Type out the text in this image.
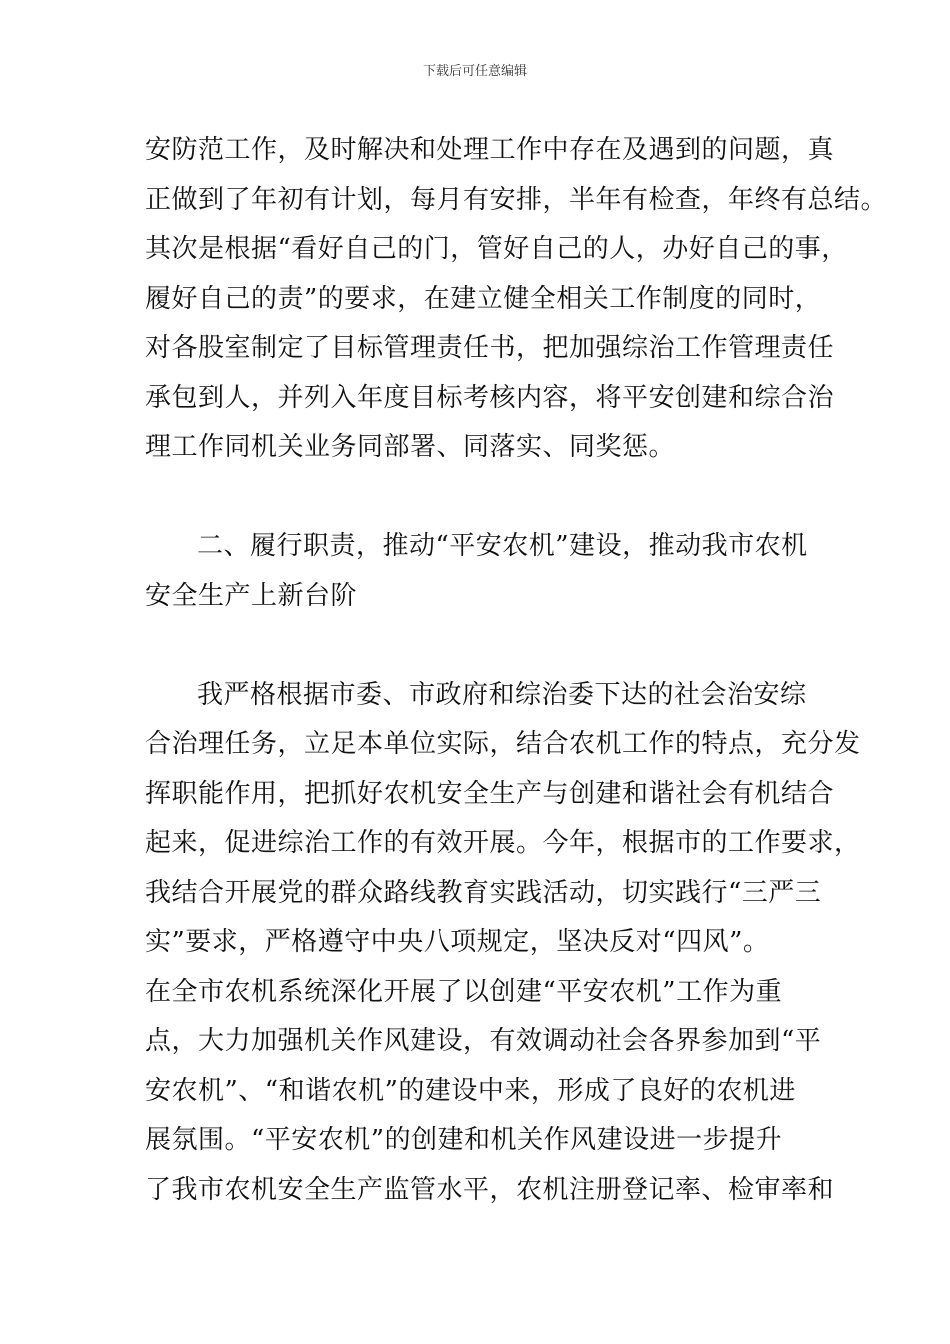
下载后可任意编辑
安防范工作，及时解决和处理工作中存在及遇到的问题，真
正做到了年初有计划，每月有安排，半年有检查，年终有总结。
其次是根据“看好自己的门，管好自己的人，办好自己的事，
履好自己的责”的要求，在建立健全相关工作制度的同时，
对各股室制定了目标管理责任书，把加强综治工作管理责任
承包到人，并列入年度目标考核内容，将平安创建和综合治
理工作同机关业务同部署、同落实、同奖惩。
二、履行职责，推动“平安农机”建设，推动我市农机
安全生产上新台阶
我严格根据市委、市政府和综治委下达的社会治安综
合治理任务，立足本单位实际，结合农机工作的特点，充分发
挥职能作用，把抓好农机安全生产与创建和谐社会有机结合
起来，促进综治工作的有效开展。今年，根据市的工作要求，
我结合开展党的群众路线教育实践活动，切实践行“三严三
实”要求，严格遵守中央八项规定，坚决反对“四风”。
在全市农机系统深化开展了以创建“平安农机”工作为重
点，大力加强机关作风建设，有效调动社会各界参加到“平
安农机”、“和谐农机”的建设中来，形成了良好的农机进
展氛围。“平安农机”的创建和机关作风建设进一步提升
了我市农机安全生产监管水平，农机注册登记率、检审率和
